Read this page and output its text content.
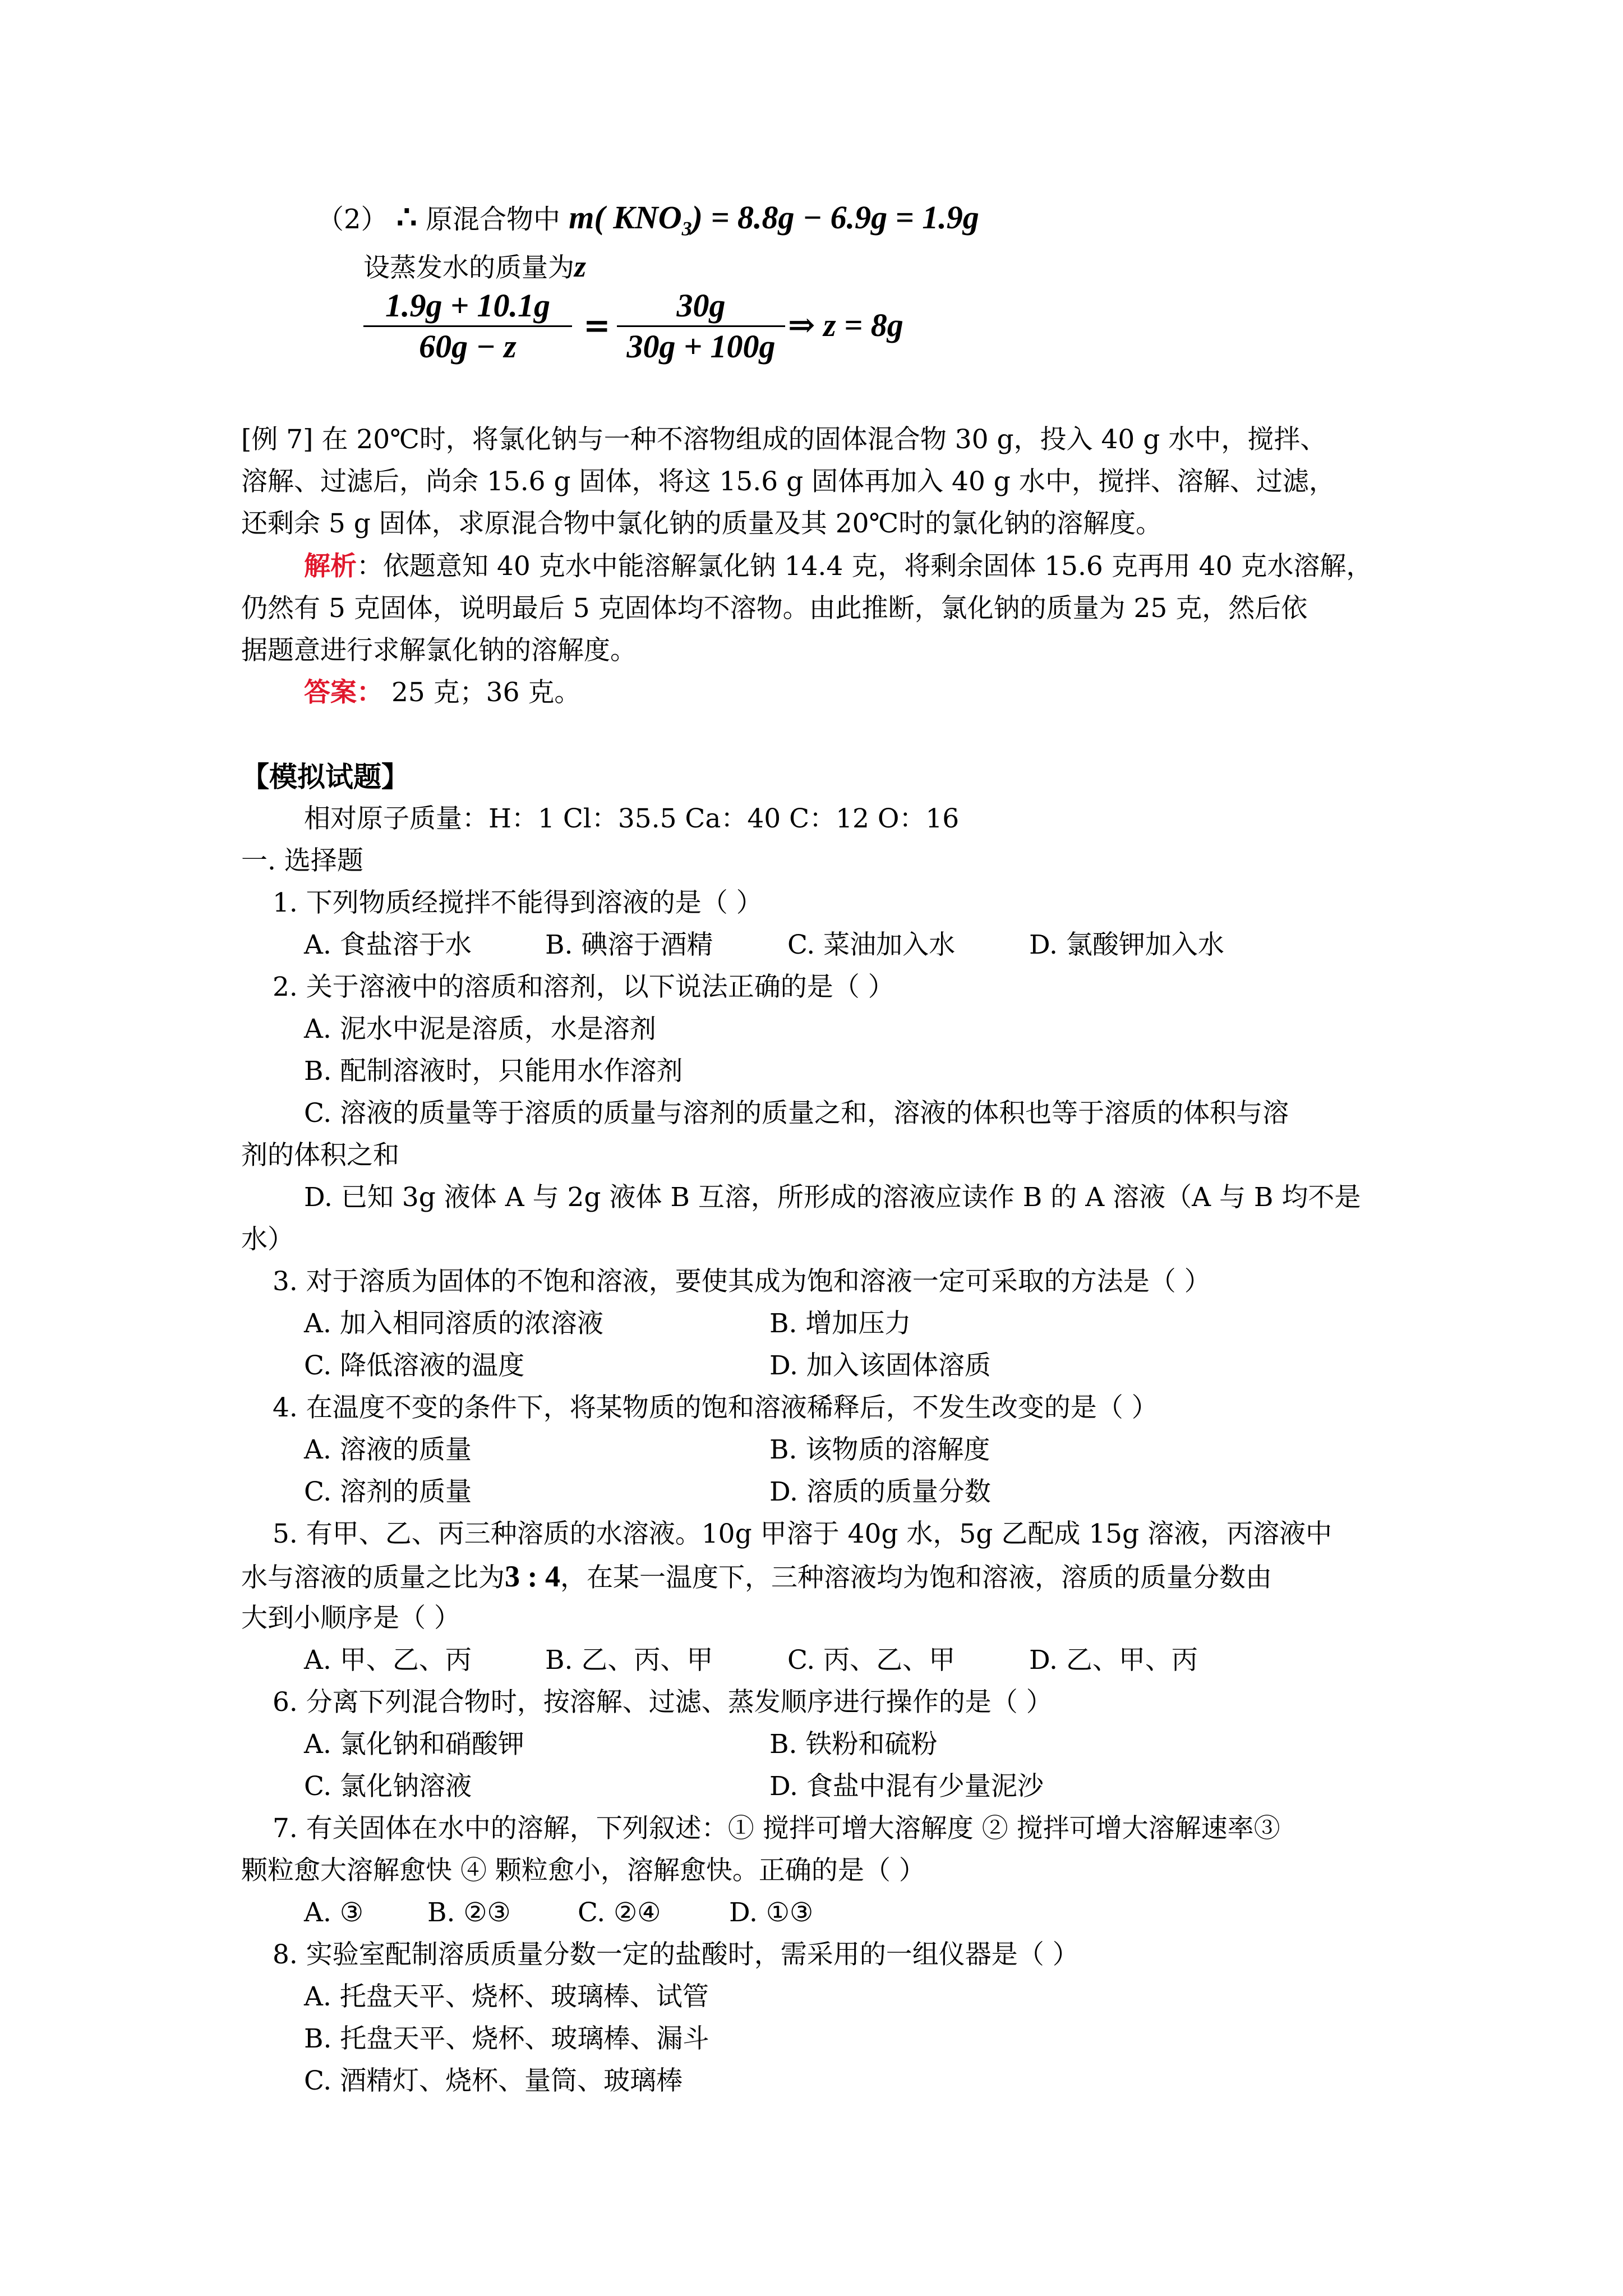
（2） ∴ 原混合物中 m( $KNO_3) = 8.8g - 6.9g = 1.9g$
设蒸发水的质量为z
1.9g + 10.1g
60g − z
=
30g
30g + 100g
⇒ z = 8g
[例 7] 在 20℃时，将氯化钠与一种不溶物组成的固体混合物 30 g，投入 40 g 水中，搅拌、
溶解、过滤后，尚余 15.6 g 固体，将这 15.6 g 固体再加入 40 g 水中，搅拌、溶解、过滤，
还剩余 5 g 固体，求原混合物中氯化钠的质量及其 20℃时的氯化钠的溶解度。
解析：依题意知 40 克水中能溶解氯化钠 14.4 克，将剩余固体 15.6 克再用 40 克水溶解，
仍然有 5 克固体，说明最后 5 克固体均不溶物。由此推断，氯化钠的质量为 25 克，然后依
据题意进行求解氯化钠的溶解度。
答案： 25 克；36 克。
【模拟试题】
相对原子质量：H：1 Cl：35.5 Ca：40 C：12 O：16
一. 选择题
1. 下列物质经搅拌不能得到溶液的是（ ）
A. 食盐溶于水	B. 碘溶于酒精	C. 菜油加入水	D. 氯酸钾加入水
2. 关于溶液中的溶质和溶剂，以下说法正确的是（ ）
A. 泥水中泥是溶质，水是溶剂
B. 配制溶液时，只能用水作溶剂
C. 溶液的质量等于溶质的质量与溶剂的质量之和，溶液的体积也等于溶质的体积与溶
剂的体积之和
D. 已知 3g 液体 A 与 2g 液体 B 互溶，所形成的溶液应读作 B 的 A 溶液（A 与 B 均不是
水）
3. 对于溶质为固体的不饱和溶液，要使其成为饱和溶液一定可采取的方法是（ ）
A. 加入相同溶质的浓溶液	B. 增加压力
C. 降低溶液的温度	D. 加入该固体溶质
4. 在温度不变的条件下，将某物质的饱和溶液稀释后，不发生改变的是（ ）
A. 溶液的质量	B. 该物质的溶解度
C. 溶剂的质量	D. 溶质的质量分数
5. 有甲、乙、丙三种溶质的水溶液。10g 甲溶于 40g 水，5g 乙配成 15g 溶液，丙溶液中
水与溶液的质量之比为3 : 4，在某一温度下，三种溶液均为饱和溶液，溶质的质量分数由
大到小顺序是（ ）
A. 甲、乙、丙	B. 乙、丙、甲	C. 丙、乙、甲	D. 乙、甲、丙
6. 分离下列混合物时，按溶解、过滤、蒸发顺序进行操作的是（ ）
A. 氯化钠和硝酸钾	B. 铁粉和硫粉
C. 氯化钠溶液	D. 食盐中混有少量泥沙
7. 有关固体在水中的溶解，下列叙述：① 搅拌可增大溶解度 ② 搅拌可增大溶解速率③
颗粒愈大溶解愈快 ④ 颗粒愈小，溶解愈快。正确的是（ ）
A. ③ B. ②③	C. ②④	D. ①③
8. 实验室配制溶质质量分数一定的盐酸时，需采用的一组仪器是（ ）
A. 托盘天平、烧杯、玻璃棒、试管
B. 托盘天平、烧杯、玻璃棒、漏斗
C. 酒精灯、烧杯、量筒、玻璃棒
